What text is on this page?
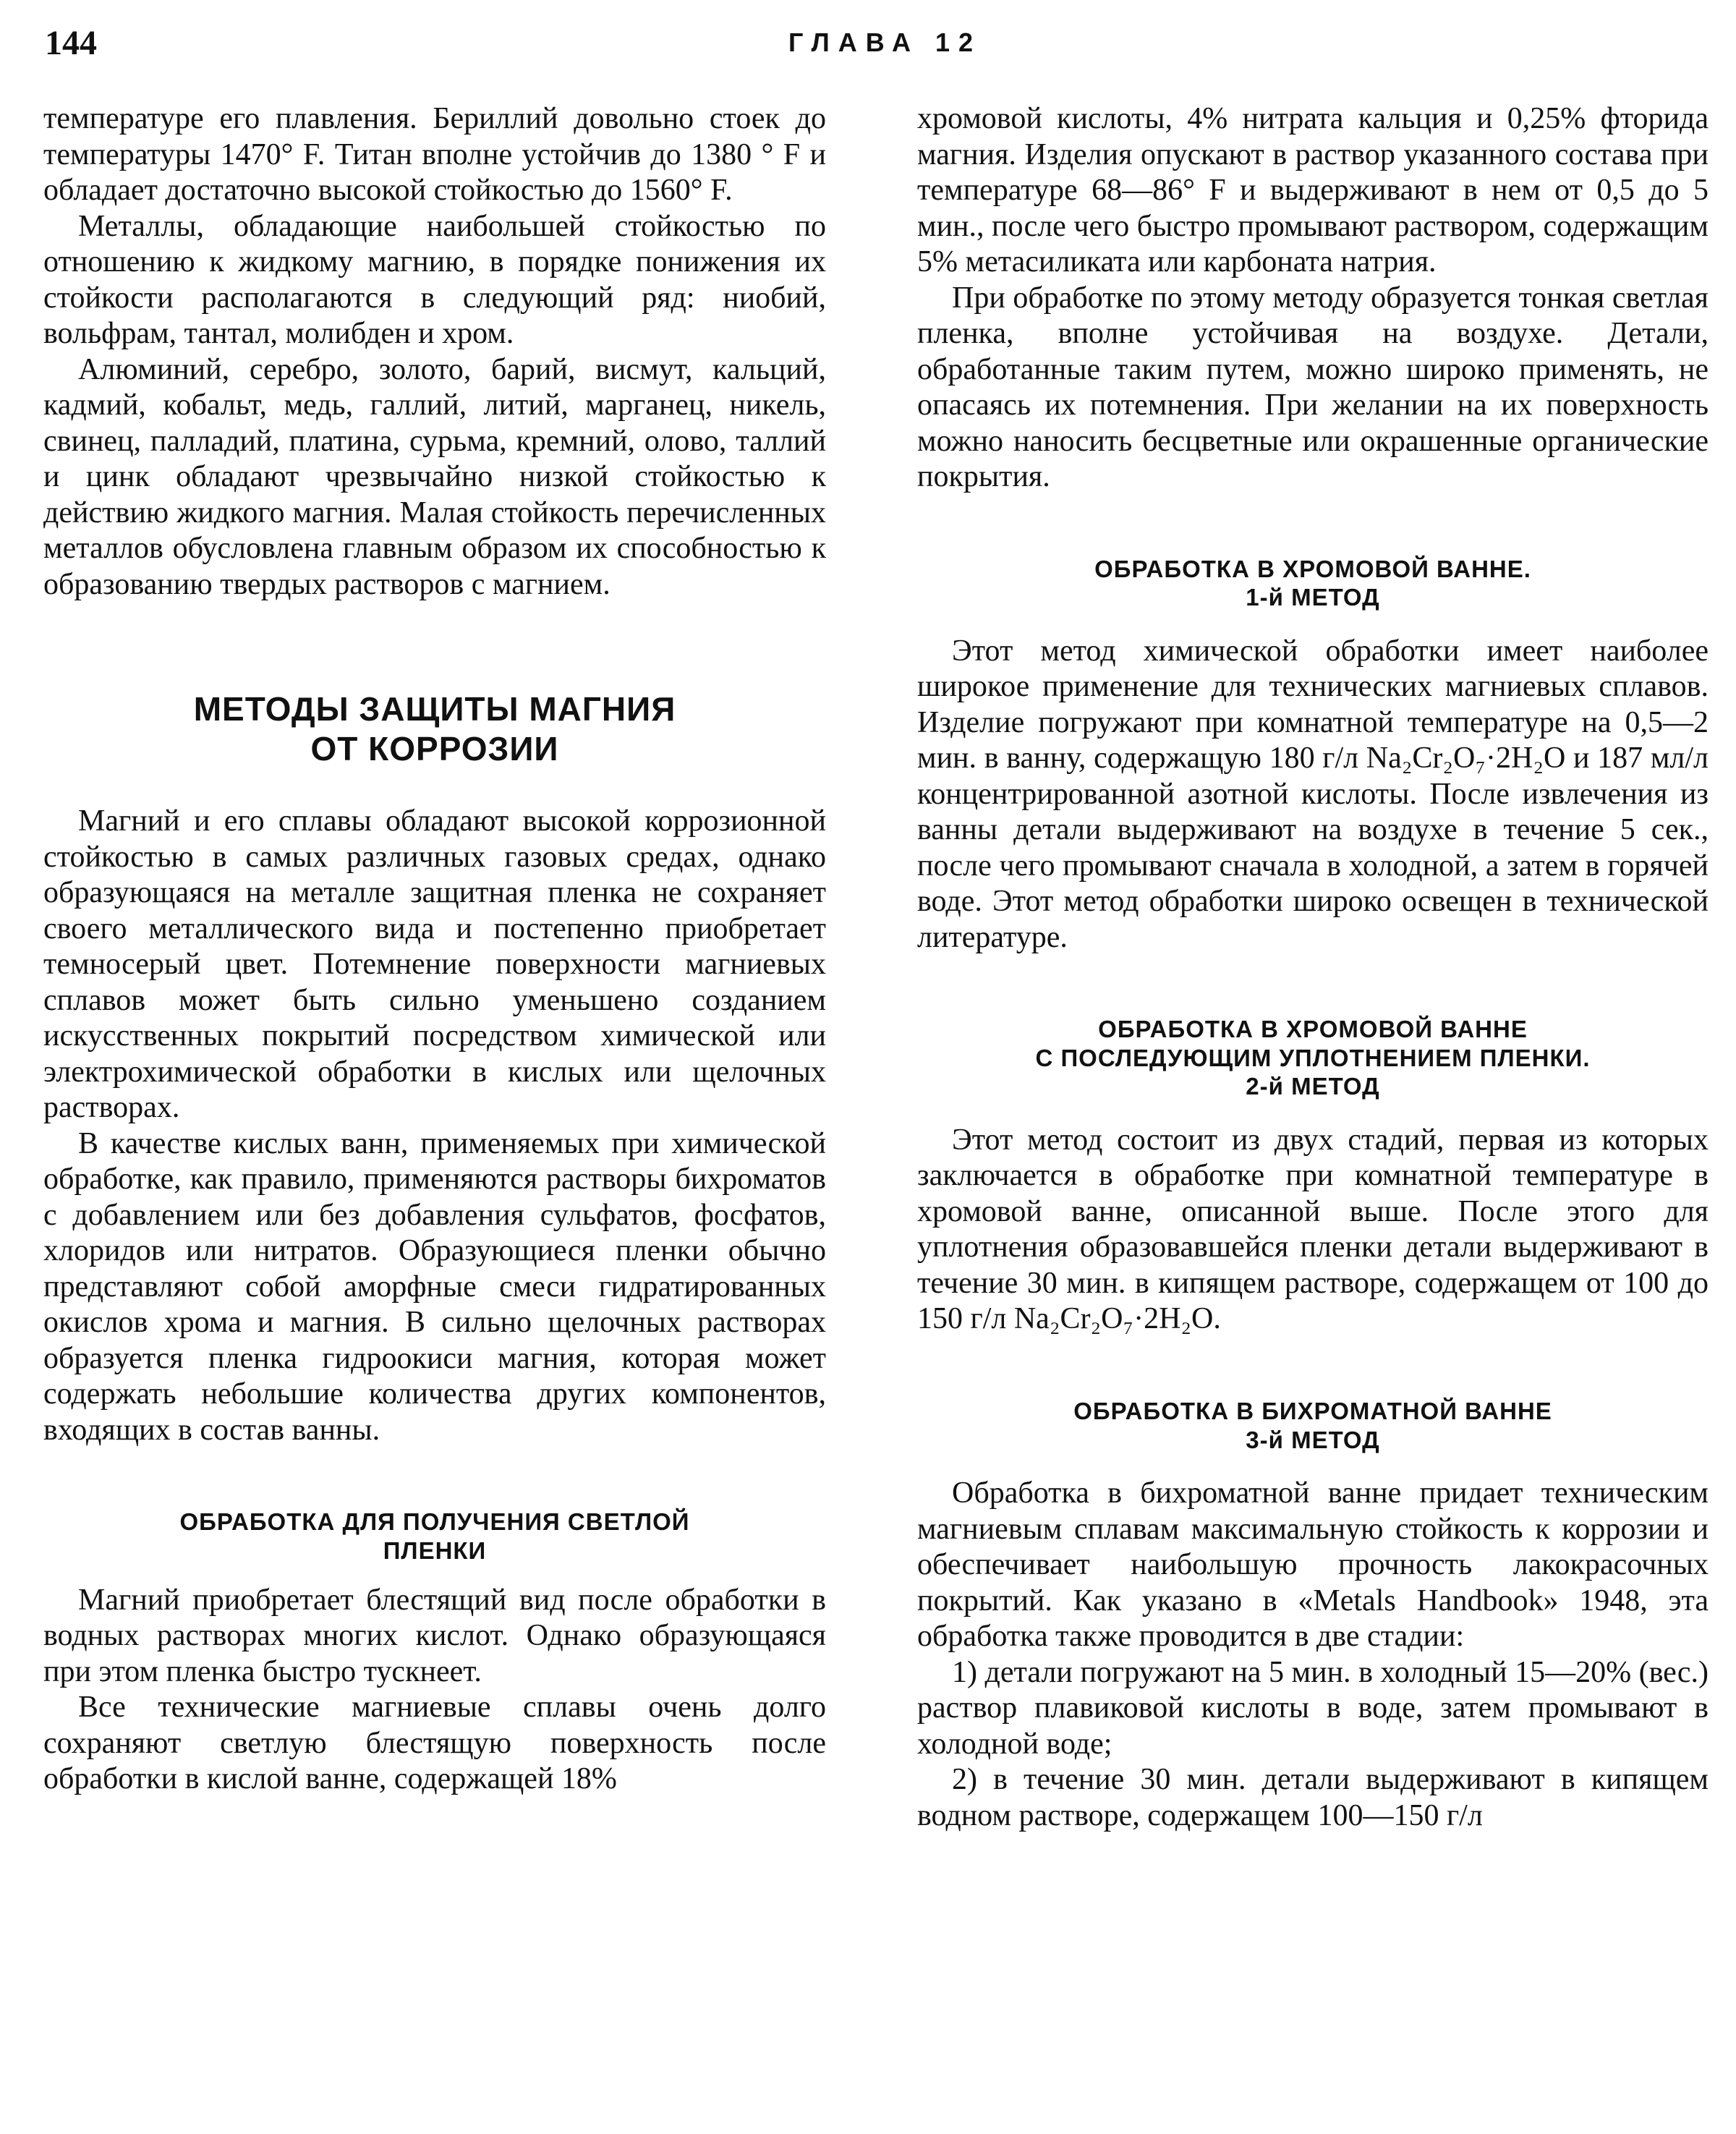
144	ГЛАВА 12

температуре его плавления. Бериллий довольно стоек до температуры 1470° F. Титан вполне устойчив до 1380 ° F и обладает достаточно высокой стойкостью до 1560° F.

Металлы, обладающие наибольшей стойкостью по отношению к жидкому магнию, в порядке понижения их стойкости располагаются в следующий ряд: ниобий, вольфрам, тантал, молибден и хром.

Алюминий, серебро, золото, барий, висмут, кальций, кадмий, кобальт, медь, галлий, литий, марганец, никель, свинец, палладий, платина, сурьма, кремний, олово, таллий и цинк обладают чрезвычайно низкой стойкостью к действию жидкого магния. Малая стойкость перечисленных металлов обусловлена главным образом их способностью к образованию твердых растворов с магнием.

МЕТОДЫ ЗАЩИТЫ МАГНИЯ
ОТ КОРРОЗИИ

Магний и его сплавы обладают высокой коррозионной стойкостью в самых различных газовых средах, однако образующаяся на металле защитная пленка не сохраняет своего металлического вида и постепенно приобретает темносерый цвет. Потемнение поверхности магниевых сплавов может быть сильно уменьшено созданием искусственных покрытий посредством химической или электрохимической обработки в кислых или щелочных растворах.

В качестве кислых ванн, применяемых при химической обработке, как правило, применяются растворы бихроматов с добавлением или без добавления сульфатов, фосфатов, хлоридов или нитратов. Образующиеся пленки обычно представляют собой аморфные смеси гидратированных окислов хрома и магния. В сильно щелочных растворах образуется пленка гидроокиси магния, которая может содержать небольшие количества других компонентов, входящих в состав ванны.

ОБРАБОТКА ДЛЯ ПОЛУЧЕНИЯ СВЕТЛОЙ
ПЛЕНКИ

Магний приобретает блестящий вид после обработки в водных растворах многих кислот. Однако образующаяся при этом пленка быстро тускнеет.

Все технические магниевые сплавы очень долго сохраняют светлую блестящую поверхность после обработки в кислой ванне, содержащей 18%

хромовой кислоты, 4% нитрата кальция и 0,25% фторида магния. Изделия опускают в раствор указанного состава при температуре 68—86° F и выдерживают в нем от 0,5 до 5 мин., после чего быстро промывают раствором, содержащим 5% метасиликата или карбоната натрия.

При обработке по этому методу образуется тонкая светлая пленка, вполне устойчивая на воздухе. Детали, обработанные таким путем, можно широко применять, не опасаясь их потемнения. При желании на их поверхность можно наносить бесцветные или окрашенные органические покрытия.

ОБРАБОТКА В ХРОМОВОЙ ВАННЕ.
1-й МЕТОД

Этот метод химической обработки имеет наиболее широкое применение для технических магниевых сплавов. Изделие погружают при комнатной температуре на 0,5—2 мин. в ванну, содержащую 180 г/л Na₂Cr₂O₇·2H₂O и 187 мл/л концентрированной азотной кислоты. После извлечения из ванны детали выдерживают на воздухе в течение 5 сек., после чего промывают сначала в холодной, а затем в горячей воде. Этот метод обработки широко освещен в технической литературе.

ОБРАБОТКА В ХРОМОВОЙ ВАННЕ
С ПОСЛЕДУЮЩИМ УПЛОТНЕНИЕМ ПЛЕНКИ.
2-й МЕТОД

Этот метод состоит из двух стадий, первая из которых заключается в обработке при комнатной температуре в хромовой ванне, описанной выше. После этого для уплотнения образовавшейся пленки детали выдерживают в течение 30 мин. в кипящем растворе, содержащем от 100 до 150 г/л Na₂Cr₂O₇·2H₂O.

ОБРАБОТКА В БИХРОМАТНОЙ ВАННЕ
3-й МЕТОД

Обработка в бихроматной ванне придает техническим магниевым сплавам максимальную стойкость к коррозии и обеспечивает наибольшую прочность лакокрасочных покрытий. Как указано в «Metals Handbook» 1948, эта обработка также проводится в две стадии:

1) детали погружают на 5 мин. в холодный 15—20% (вес.) раствор плавиковой кислоты в воде, затем промывают в холодной воде;

2) в течение 30 мин. детали выдерживают в кипящем водном растворе, содержащем 100—150 г/л
